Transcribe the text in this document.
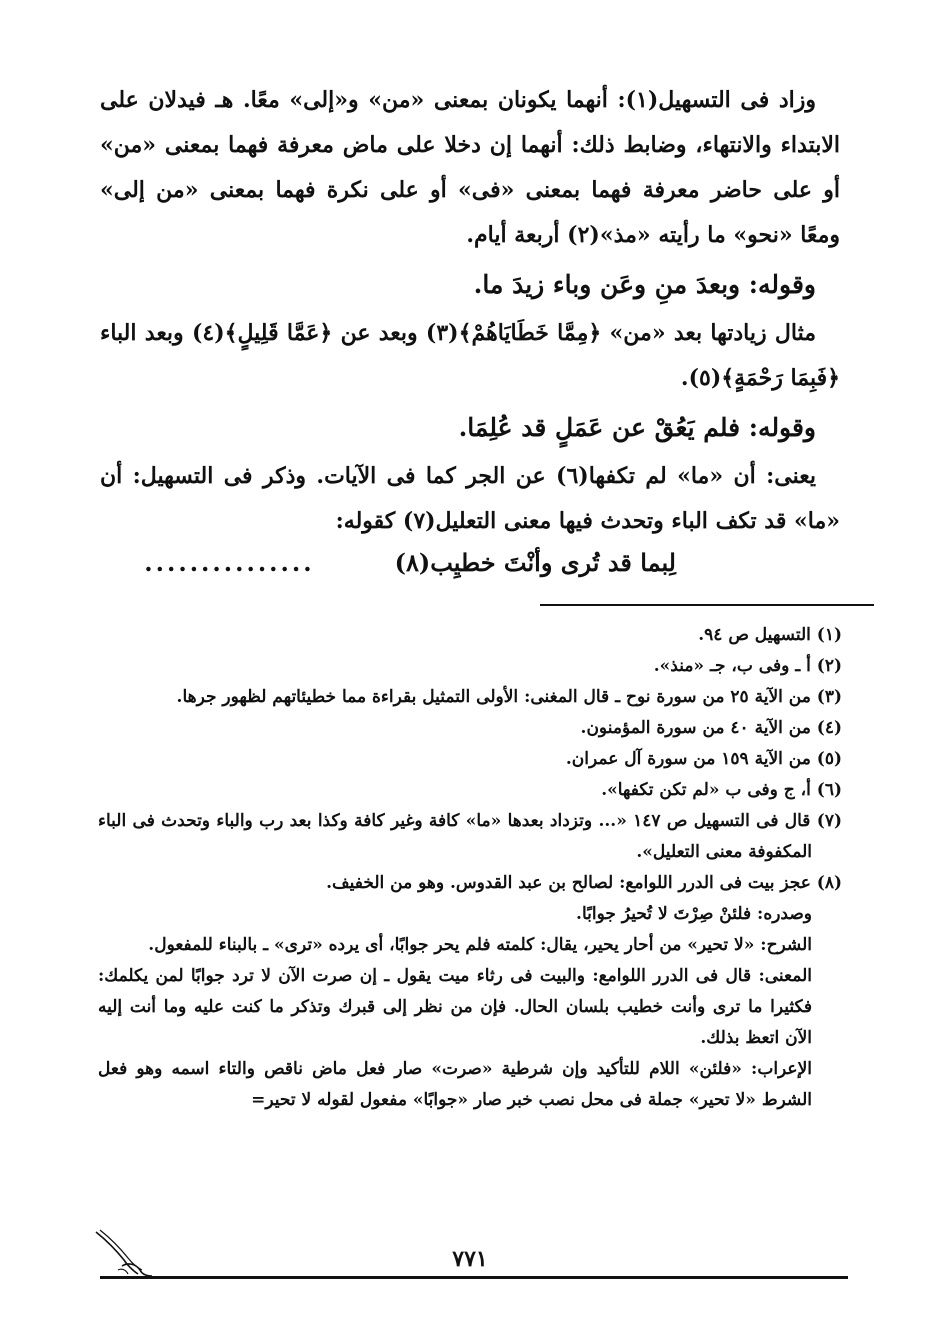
وزاد فى التسهيل(١): أنهما يكونان بمعنى «من» و«إلى» معًا. هـ فيدلان على الابتداء والانتهاء، وضابط ذلك: أنهما إن دخلا على ماض معرفة فهما بمعنى «من» أو على حاضر معرفة فهما بمعنى «فى» أو على نكرة فهما بمعنى «من إلى» ومعًا «نحو» ما رأيته «مذ»(٢) أربعة أيام.

وقوله: وبعدَ منِ وعَن وباء زيدَ ما.

مثال زيادتها بعد «من» ﴿مِمَّا خَطَايَاهُمْ﴾(٣) وبعد عن ﴿عَمَّا قَلِيلٍ﴾(٤) وبعد الباء ﴿فَبِمَا رَحْمَةٍ﴾(٥).

وقوله: فلم يَعُقْ عن عَمَلٍ قد عُلِمَا.

يعنى: أن «ما» لم تكفها(٦) عن الجر كما فى الآيات. وذكر فى التسهيل: أن «ما» قد تكف الباء وتحدث فيها معنى التعليل(٧) كقوله:

لِبما قد تُرى وأنْتَ خطيِب(٨)
...............

(١) التسهيل ص ٩٤.

(٢) أ ـ وفى ب، جـ «منذ».

(٣) من الآية ٢٥ من سورة نوح ـ قال المغنى: الأولى التمثيل بقراءة مما خطيئاتهم لظهور جرها.

(٤) من الآية ٤٠ من سورة المؤمنون.

(٥) من الآية ١٥٩ من سورة آل عمران.

(٦) أ، ج وفى ب «لم تكن تكفها».

(٧) قال فى التسهيل ص ١٤٧ «... وتزداد بعدها «ما» كافة وغير كافة وكذا بعد رب والباء وتحدث فى الباء المكفوفة معنى التعليل».

(٨) عجز بيت فى الدرر اللوامع: لصالح بن عبد القدوس. وهو من الخفيف.

وصدره: فلئنْ صِرْتَ لا تُحيرُ جوابًا.

الشرح: «لا تحير» من أحار يحير، يقال: كلمته فلم يحر جوابًا، أى يرده «ترى» ـ بالبناء للمفعول.

المعنى: قال فى الدرر اللوامع: والبيت فى رثاء ميت يقول ـ إن صرت الآن لا ترد جوابًا لمن يكلمك: فكثيرا ما ترى وأنت خطيب بلسان الحال. فإن من نظر إلى قبرك وتذكر ما كنت عليه وما أنت إليه الآن اتعظ بذلك.

الإعراب: «فلئن» اللام للتأكيد وإن شرطية «صرت» صار فعل ماض ناقص والتاء اسمه وهو فعل الشرط «لا تحير» جملة فى محل نصب خبر صار «جوابًا» مفعول لقوله لا تحير=

٧٧١
